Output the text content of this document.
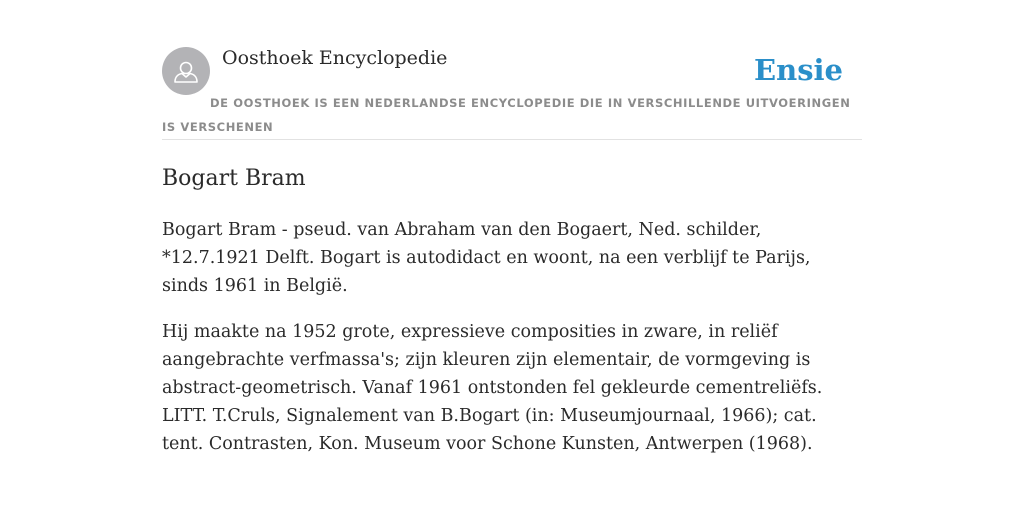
Oosthoek Encyclopedie	Ensie
DE OOSTHOEK IS EEN NEDERLANDSE ENCYCLOPEDIE DIE IN VERSCHILLENDE UITVOERINGEN IS VERSCHENEN
Bogart Bram

Bogart Bram - pseud. van Abraham van den Bogaert, Ned. schilder, *12.7.1921 Delft. Bogart is autodidact en woont, na een verblijf te Parijs, sinds 1961 in België.

Hij maakte na 1952 grote, expressieve composities in zware, in reliëf aangebrachte verfmassa's; zijn kleuren zijn elementair, de vormgeving is abstract-geometrisch. Vanaf 1961 ontstonden fel gekleurde cementreliëfs. LITT. T.Cruls, Signalement van B.Bogart (in: Museumjournaal, 1966); cat. tent. Contrasten, Kon. Museum voor Schone Kunsten, Antwerpen (1968).
